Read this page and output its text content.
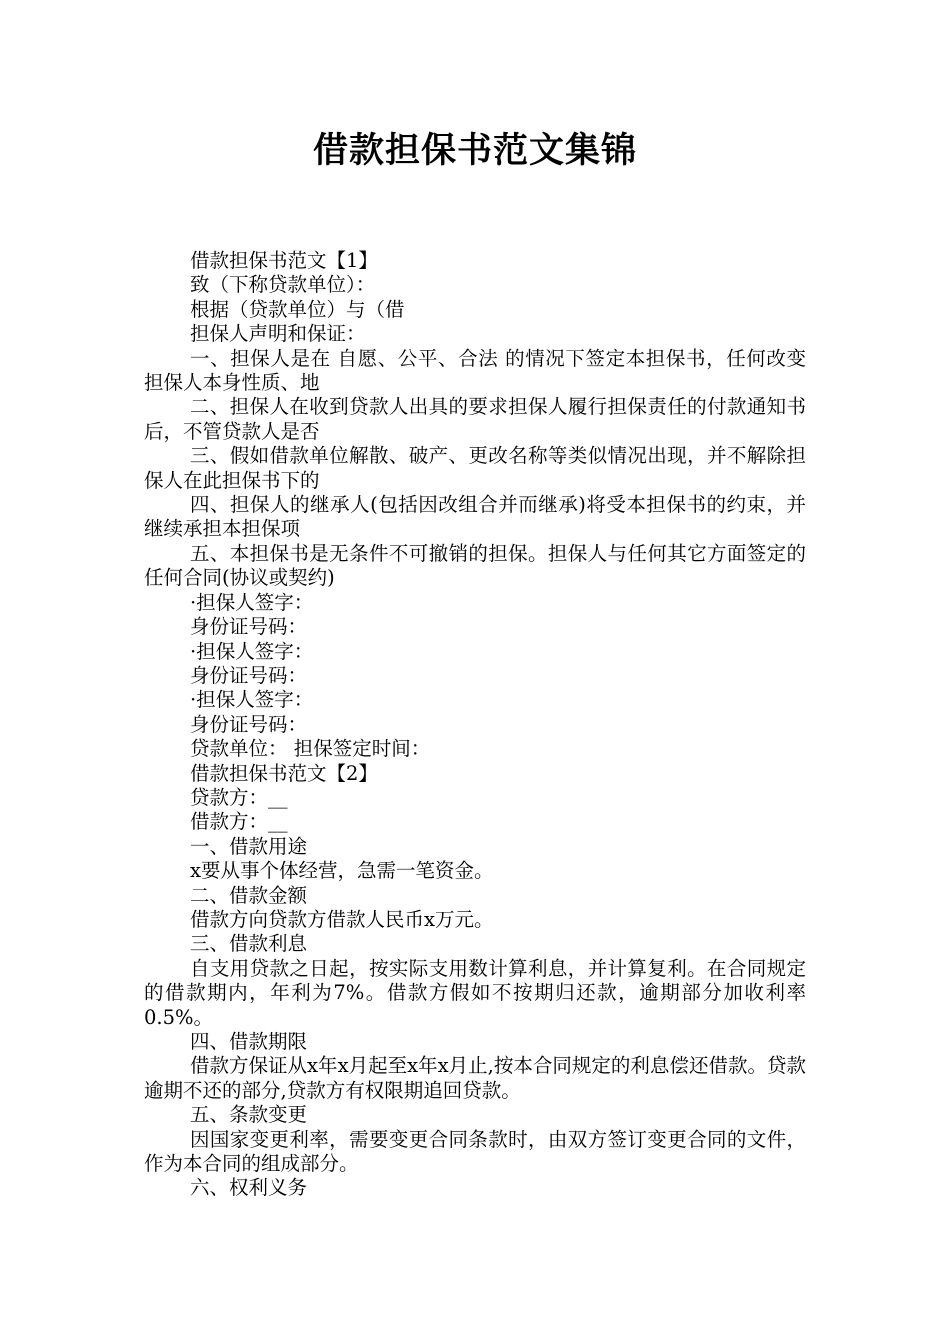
借款担保书范文集锦

借款担保书范文【1】

致（下称贷款单位）：

根据（贷款单位）与（借

担保人声明和保证：

一、担保人是在 自愿、公平、合法 的情况下签定本担保书，任何改变担保人本身性质、地

二、担保人在收到贷款人出具的要求担保人履行担保责任的付款通知书后，不管贷款人是否

三、假如借款单位解散、破产、更改名称等类似情况出现，并不解除担保人在此担保书下的

四、担保人的继承人(包括因改组合并而继承)将受本担保书的约束，并继续承担本担保项

五、本担保书是无条件不可撤销的担保。担保人与任何其它方面签定的任何合同(协议或契约)

·担保人签字：

身份证号码：

·担保人签字：

身份证号码：

·担保人签字：

身份证号码：

贷款单位： 担保签定时间：

借款担保书范文【2】

贷款方：__

借款方：__

一、借款用途

x要从事个体经营，急需一笔资金。

二、借款金额

借款方向贷款方借款人民币x万元。

三、借款利息

自支用贷款之日起，按实际支用数计算利息，并计算复利。在合同规定的借款期内，年利为7%。借款方假如不按期归还款，逾期部分加收利率0.5%。

四、借款期限

借款方保证从x年x月起至x年x月止,按本合同规定的利息偿还借款。贷款逾期不还的部分,贷款方有权限期追回贷款。

五、条款变更

因国家变更利率，需要变更合同条款时，由双方签订变更合同的文件，作为本合同的组成部分。

六、权利义务
